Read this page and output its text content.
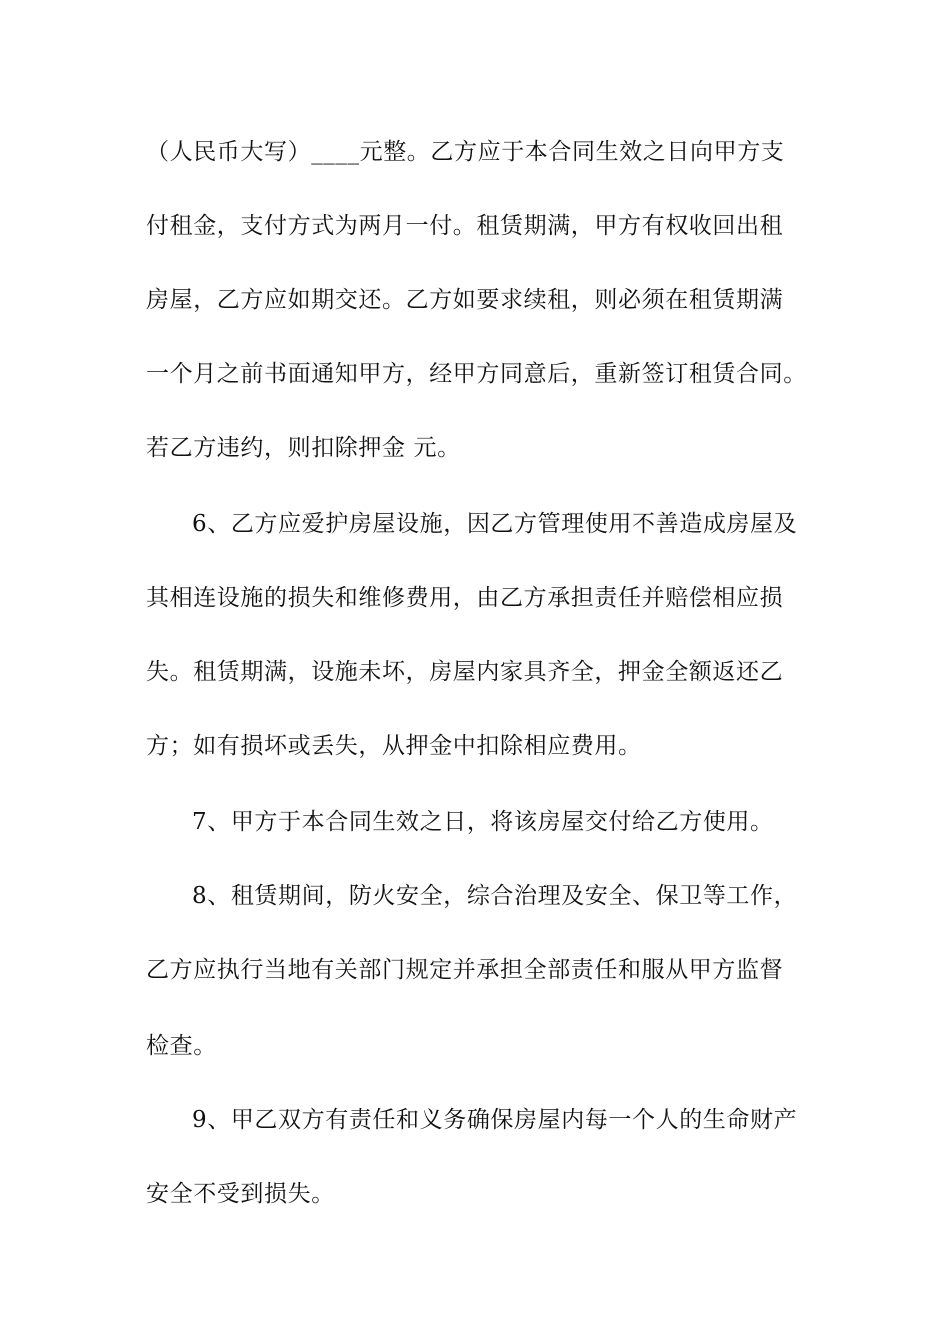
（人民币大写）____元整。乙方应于本合同生效之日向甲方支
付租金，支付方式为两月一付。租赁期满，甲方有权收回出租
房屋，乙方应如期交还。乙方如要求续租，则必须在租赁期满
一个月之前书面通知甲方，经甲方同意后，重新签订租赁合同。
若乙方违约，则扣除押金 元。
6、乙方应爱护房屋设施，因乙方管理使用不善造成房屋及
其相连设施的损失和维修费用，由乙方承担责任并赔偿相应损
失。租赁期满，设施未坏，房屋内家具齐全，押金全额返还乙
方；如有损坏或丢失，从押金中扣除相应费用。
7、甲方于本合同生效之日，将该房屋交付给乙方使用。
8、租赁期间，防火安全，综合治理及安全、保卫等工作，
乙方应执行当地有关部门规定并承担全部责任和服从甲方监督
检查。
9、甲乙双方有责任和义务确保房屋内每一个人的生命财产
安全不受到损失。
